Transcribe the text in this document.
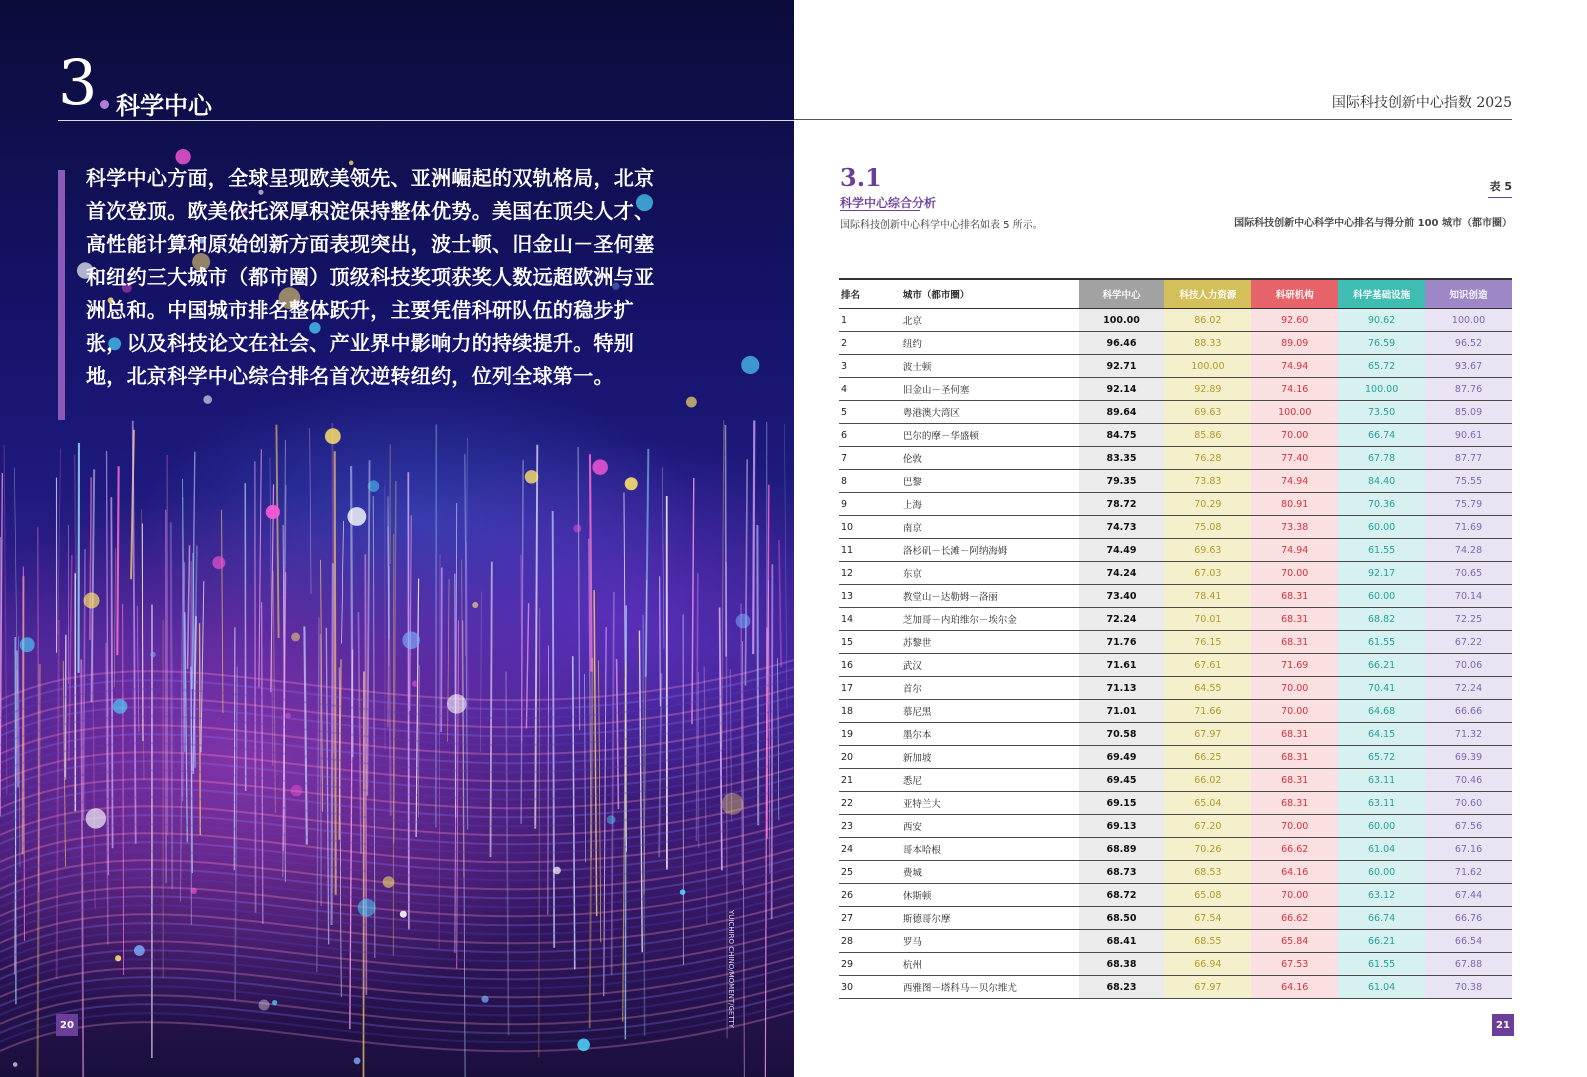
3 科学中心
科学中心方面，全球呈现欧美领先、亚洲崛起的双轨格局，北京首次登顶。欧美依托深厚积淀保持整体优势。美国在顶尖人才、高性能计算和原始创新方面表现突出，波士顿、旧金山－圣何塞和纽约三大城市（都市圈）顶级科技奖项获奖人数远超欧洲与亚洲总和。中国城市排名整体跃升，主要凭借科研队伍的稳步扩张，以及科技论文在社会、产业界中影响力的持续提升。特别地，北京科学中心综合排名首次逆转纽约，位列全球第一。
YUICHIRO CHINO/MOMENT/GETTY
20
国际科技创新中心指数 2025
3.1
科学中心综合分析
国际科技创新中心科学中心排名如表 5 所示。
表 5
国际科技创新中心科学中心排名与得分前 100 城市（都市圈）
排名	城市（都市圈）	科学中心	科技人力资源	科研机构	科学基础设施	知识创造
1	北京	100.00	86.02	92.60	90.62	100.00
2	纽约	96.46	88.33	89.09	76.59	96.52
3	波士顿	92.71	100.00	74.94	65.72	93.67
4	旧金山－圣何塞	92.14	92.89	74.16	100.00	87.76
5	粤港澳大湾区	89.64	69.63	100.00	73.50	85.09
6	巴尔的摩－华盛顿	84.75	85.86	70.00	66.74	90.61
7	伦敦	83.35	76.28	77.40	67.78	87.77
8	巴黎	79.35	73.83	74.94	84.40	75.55
9	上海	78.72	70.29	80.91	70.36	75.79
10	南京	74.73	75.08	73.38	60.00	71.69
11	洛杉矶－长滩－阿纳海姆	74.49	69.63	74.94	61.55	74.28
12	东京	74.24	67.03	70.00	92.17	70.65
13	教堂山－达勒姆－洛丽	73.40	78.41	68.31	60.00	70.14
14	芝加哥－内珀维尔－埃尔金	72.24	70.01	68.31	68.82	72.25
15	苏黎世	71.76	76.15	68.31	61.55	67.22
16	武汉	71.61	67.61	71.69	66.21	70.06
17	首尔	71.13	64.55	70.00	70.41	72.24
18	慕尼黑	71.01	71.66	70.00	64.68	66.66
19	墨尔本	70.58	67.97	68.31	64.15	71.32
20	新加坡	69.49	66.25	68.31	65.72	69.39
21	悉尼	69.45	66.02	68.31	63.11	70.46
22	亚特兰大	69.15	65.04	68.31	63.11	70.60
23	西安	69.13	67.20	70.00	60.00	67.56
24	哥本哈根	68.89	70.26	66.62	61.04	67.16
25	费城	68.73	68.53	64.16	60.00	71.62
26	休斯顿	68.72	65.08	70.00	63.12	67.44
27	斯德哥尔摩	68.50	67.54	66.62	66.74	66.76
28	罗马	68.41	68.55	65.84	66.21	66.54
29	杭州	68.38	66.94	67.53	61.55	67.88
30	西雅图－塔科马－贝尔维尤	68.23	67.97	64.16	61.04	70.38
21
